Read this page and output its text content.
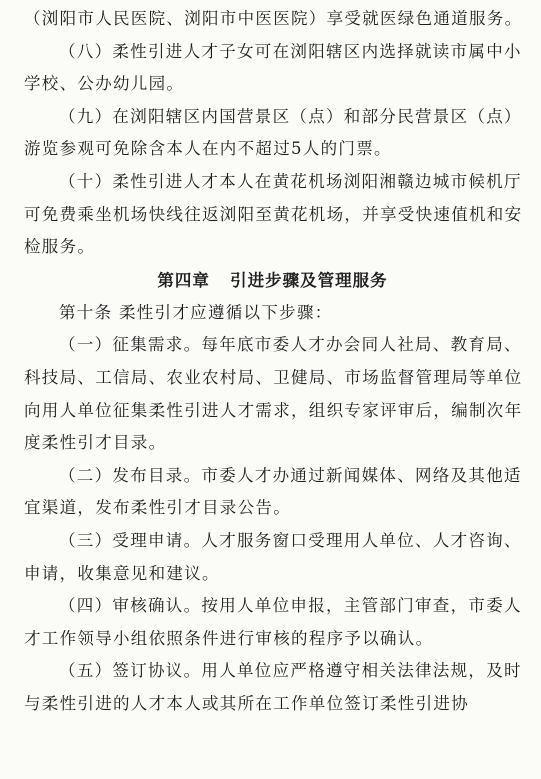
（浏阳市人民医院、浏阳市中医医院）享受就医绿色通道服务。

（八）柔性引进人才子女可在浏阳辖区内选择就读市属中小学校、公办幼儿园。

（九）在浏阳辖区内国营景区（点）和部分民营景区（点）游览参观可免除含本人在内不超过5人的门票。

（十）柔性引进人才本人在黄花机场浏阳湘赣边城市候机厅可免费乘坐机场快线往返浏阳至黄花机场，并享受快速值机和安检服务。

第四章   引进步骤及管理服务

第十条 柔性引才应遵循以下步骤：

（一）征集需求。每年底市委人才办会同人社局、教育局、科技局、工信局、农业农村局、卫健局、市场监督管理局等单位向用人单位征集柔性引进人才需求，组织专家评审后，编制次年度柔性引才目录。

（二）发布目录。市委人才办通过新闻媒体、网络及其他适宜渠道，发布柔性引才目录公告。

（三）受理申请。人才服务窗口受理用人单位、人才咨询、申请，收集意见和建议。

（四）审核确认。按用人单位申报，主管部门审查，市委人才工作领导小组依照条件进行审核的程序予以确认。

（五）签订协议。用人单位应严格遵守相关法律法规，及时与柔性引进的人才本人或其所在工作单位签订柔性引进协
